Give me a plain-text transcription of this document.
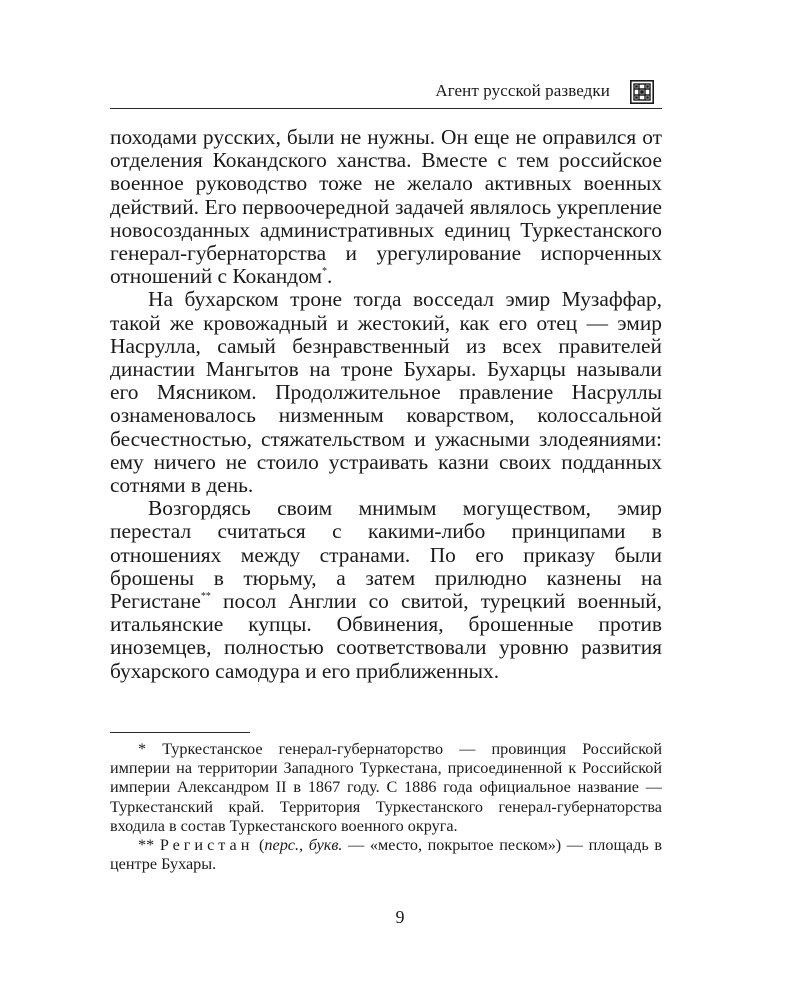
Агент русской разведки

походами русских, были не нужны. Он еще не оправился от отделения Кокандского ханства. Вместе с тем российское военное руководство тоже не желало активных военных действий. Его первоочередной задачей являлось укрепление новосозданных административных единиц Туркестанского генерал-губернаторства и урегулирование испорченных отношений с Кокандом*.

На бухарском троне тогда восседал эмир Музаффар, такой же кровожадный и жестокий, как его отец — эмир Насрулла, самый безнравственный из всех правителей династии Мангытов на троне Бухары. Бухарцы называли его Мясником. Продолжительное правление Насруллы ознаменовалось низменным коварством, колоссальной бесчестностью, стяжательством и ужасными злодеяниями: ему ничего не стоило устраивать казни своих подданных сотнями в день.

Возгордясь своим мнимым могуществом, эмир перестал считаться с какими-либо принципами в отношениях между странами. По его приказу были брошены в тюрьму, а затем прилюдно казнены на Регистане** посол Англии со свитой, турецкий военный, итальянские купцы. Обвинения, брошенные против иноземцев, полностью соответствовали уровню развития бухарского самодура и его приближенных.

* Туркестанское генерал-губернаторство — провинция Российской империи на территории Западного Туркестана, присоединенной к Российской империи Александром II в 1867 году. С 1886 года официальное название — Туркестанский край. Территория Туркестанского генерал-губернаторства входила в состав Туркестанского военного округа.

** Регистан (перс., букв. — «место, покрытое песком») — площадь в центре Бухары.

9
